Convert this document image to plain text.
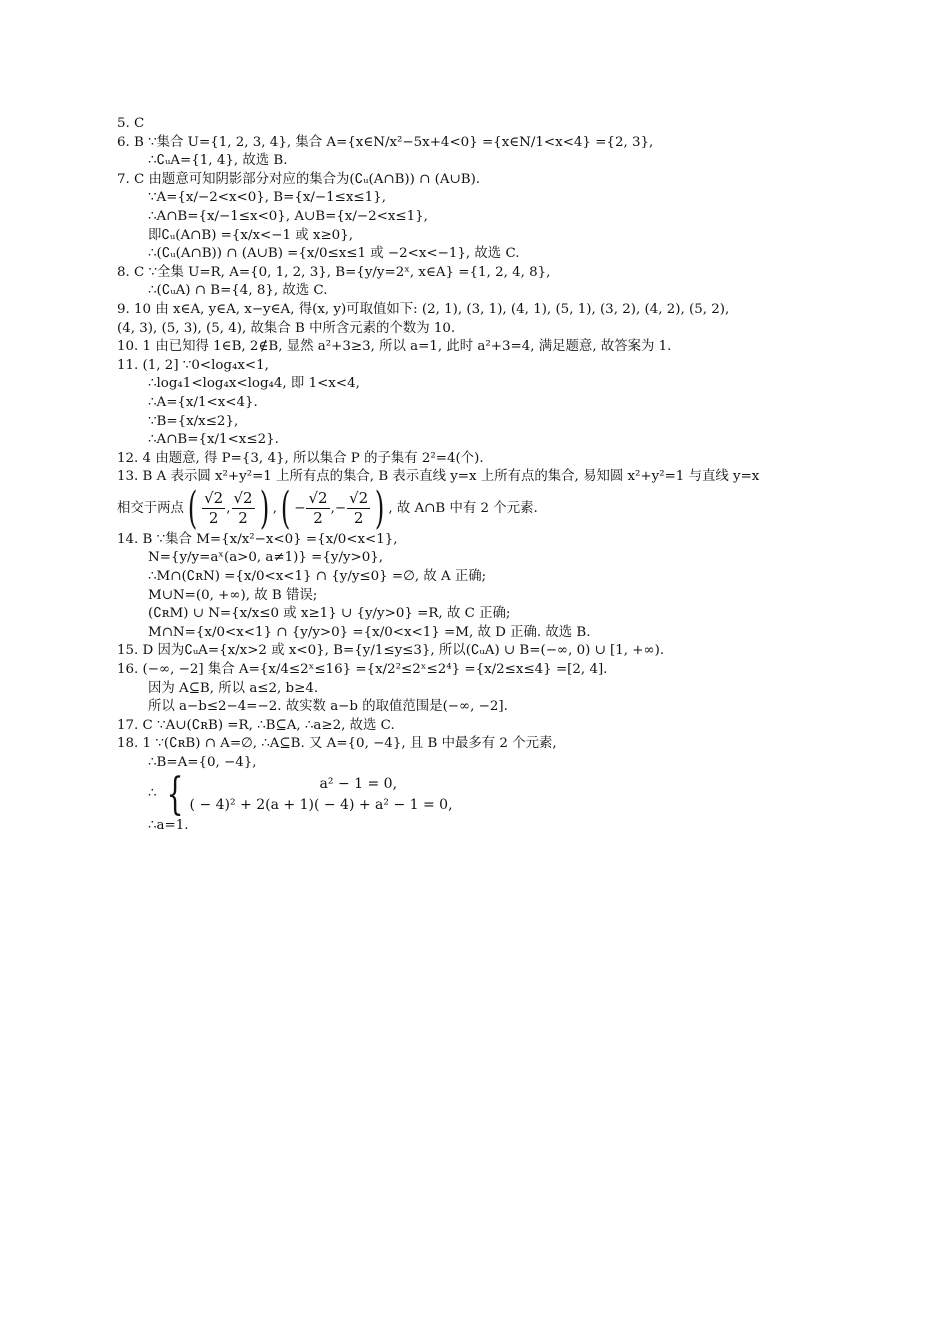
5. C
6. B ∵集合 U={1, 2, 3, 4}, 集合 A={x∈N/x²−5x+4<0} ={x∈N/1<x<4} ={2, 3},
∴∁ᵤA={1, 4}, 故选 B.
7. C 由题意可知阴影部分对应的集合为(∁ᵤ(A∩B)) ∩ (A∪B).
∵A={x/−2<x<0}, B={x/−1≤x≤1},
∴A∩B={x/−1≤x<0}, A∪B={x/−2<x≤1},
即∁ᵤ(A∩B) ={x/x<−1 或 x≥0},
∴(∁ᵤ(A∩B)) ∩ (A∪B) ={x/0≤x≤1 或 −2<x<−1}, 故选 C.
8. C ∵全集 U=R, A={0, 1, 2, 3}, B={y/y=2ˣ, x∈A} ={1, 2, 4, 8},
∴(∁ᵤA) ∩ B={4, 8}, 故选 C.
9. 10 由 x∈A, y∈A, x−y∈A, 得(x, y)可取值如下: (2, 1), (3, 1), (4, 1), (5, 1), (3, 2), (4, 2), (5, 2),
(4, 3), (5, 3), (5, 4), 故集合 B 中所含元素的个数为 10.
10. 1 由已知得 1∈B, 2∉B, 显然 a²+3≥3, 所以 a=1, 此时 a²+3=4, 满足题意, 故答案为 1.
11. (1, 2] ∵0<log₄x<1,
∴log₄1<log₄x<log₄4, 即 1<x<4,
∴A={x/1<x<4}.
∵B={x/x≤2},
∴A∩B={x/1<x≤2}.
12. 4 由题意, 得 P={3, 4}, 所以集合 P 的子集有 2²=4(个).
13. B A 表示圆 x²+y²=1 上所有点的集合, B 表示直线 y=x 上所有点的集合, 易知圆 x²+y²=1 与直线 y=x
相交于两点 ( $\frac{√2}{2}$ , $\frac{√2}{2}$ ) , ( − $\frac{√2}{2}$ , − $\frac{√2}{2}$ ) , 故 A∩B 中有 2 个元素.
14. B ∵集合 M={x/x²−x<0} ={x/0<x<1},
N={y/y=aˣ(a>0, a≠1)} ={y/y>0},
∴M∩(∁ʀN) ={x/0<x<1} ∩ {y/y≤0} =∅, 故 A 正确;
M∪N=(0, +∞), 故 B 错误;
(∁ʀM) ∪ N={x/x≤0 或 x≥1} ∪ {y/y>0} =R, 故 C 正确;
M∩N={x/0<x<1} ∩ {y/y>0} ={x/0<x<1} =M, 故 D 正确. 故选 B.
15. D 因为∁ᵤA={x/x>2 或 x<0}, B={y/1≤y≤3}, 所以(∁ᵤA) ∪ B=(−∞, 0) ∪ [1, +∞).
16. (−∞, −2] 集合 A={x/4≤2ˣ≤16} ={x/2²≤2ˣ≤2⁴} ={x/2≤x≤4} =[2, 4].
因为 A⊆B, 所以 a≤2, b≥4.
所以 a−b≤2−4=−2. 故实数 a−b 的取值范围是(−∞, −2].
17. C ∵A∪(∁ʀB) =R, ∴B⊆A, ∴a≥2, 故选 C.
18. 1 ∵(∁ʀB) ∩ A=∅, ∴A⊆B. 又 A={0, −4}, 且 B 中最多有 2 个元素,
∴B=A={0, −4},
∴ {	a² − 1 = 0,
( − 4)² + 2(a + 1)( − 4) + a² − 1 = 0,
∴a=1.
